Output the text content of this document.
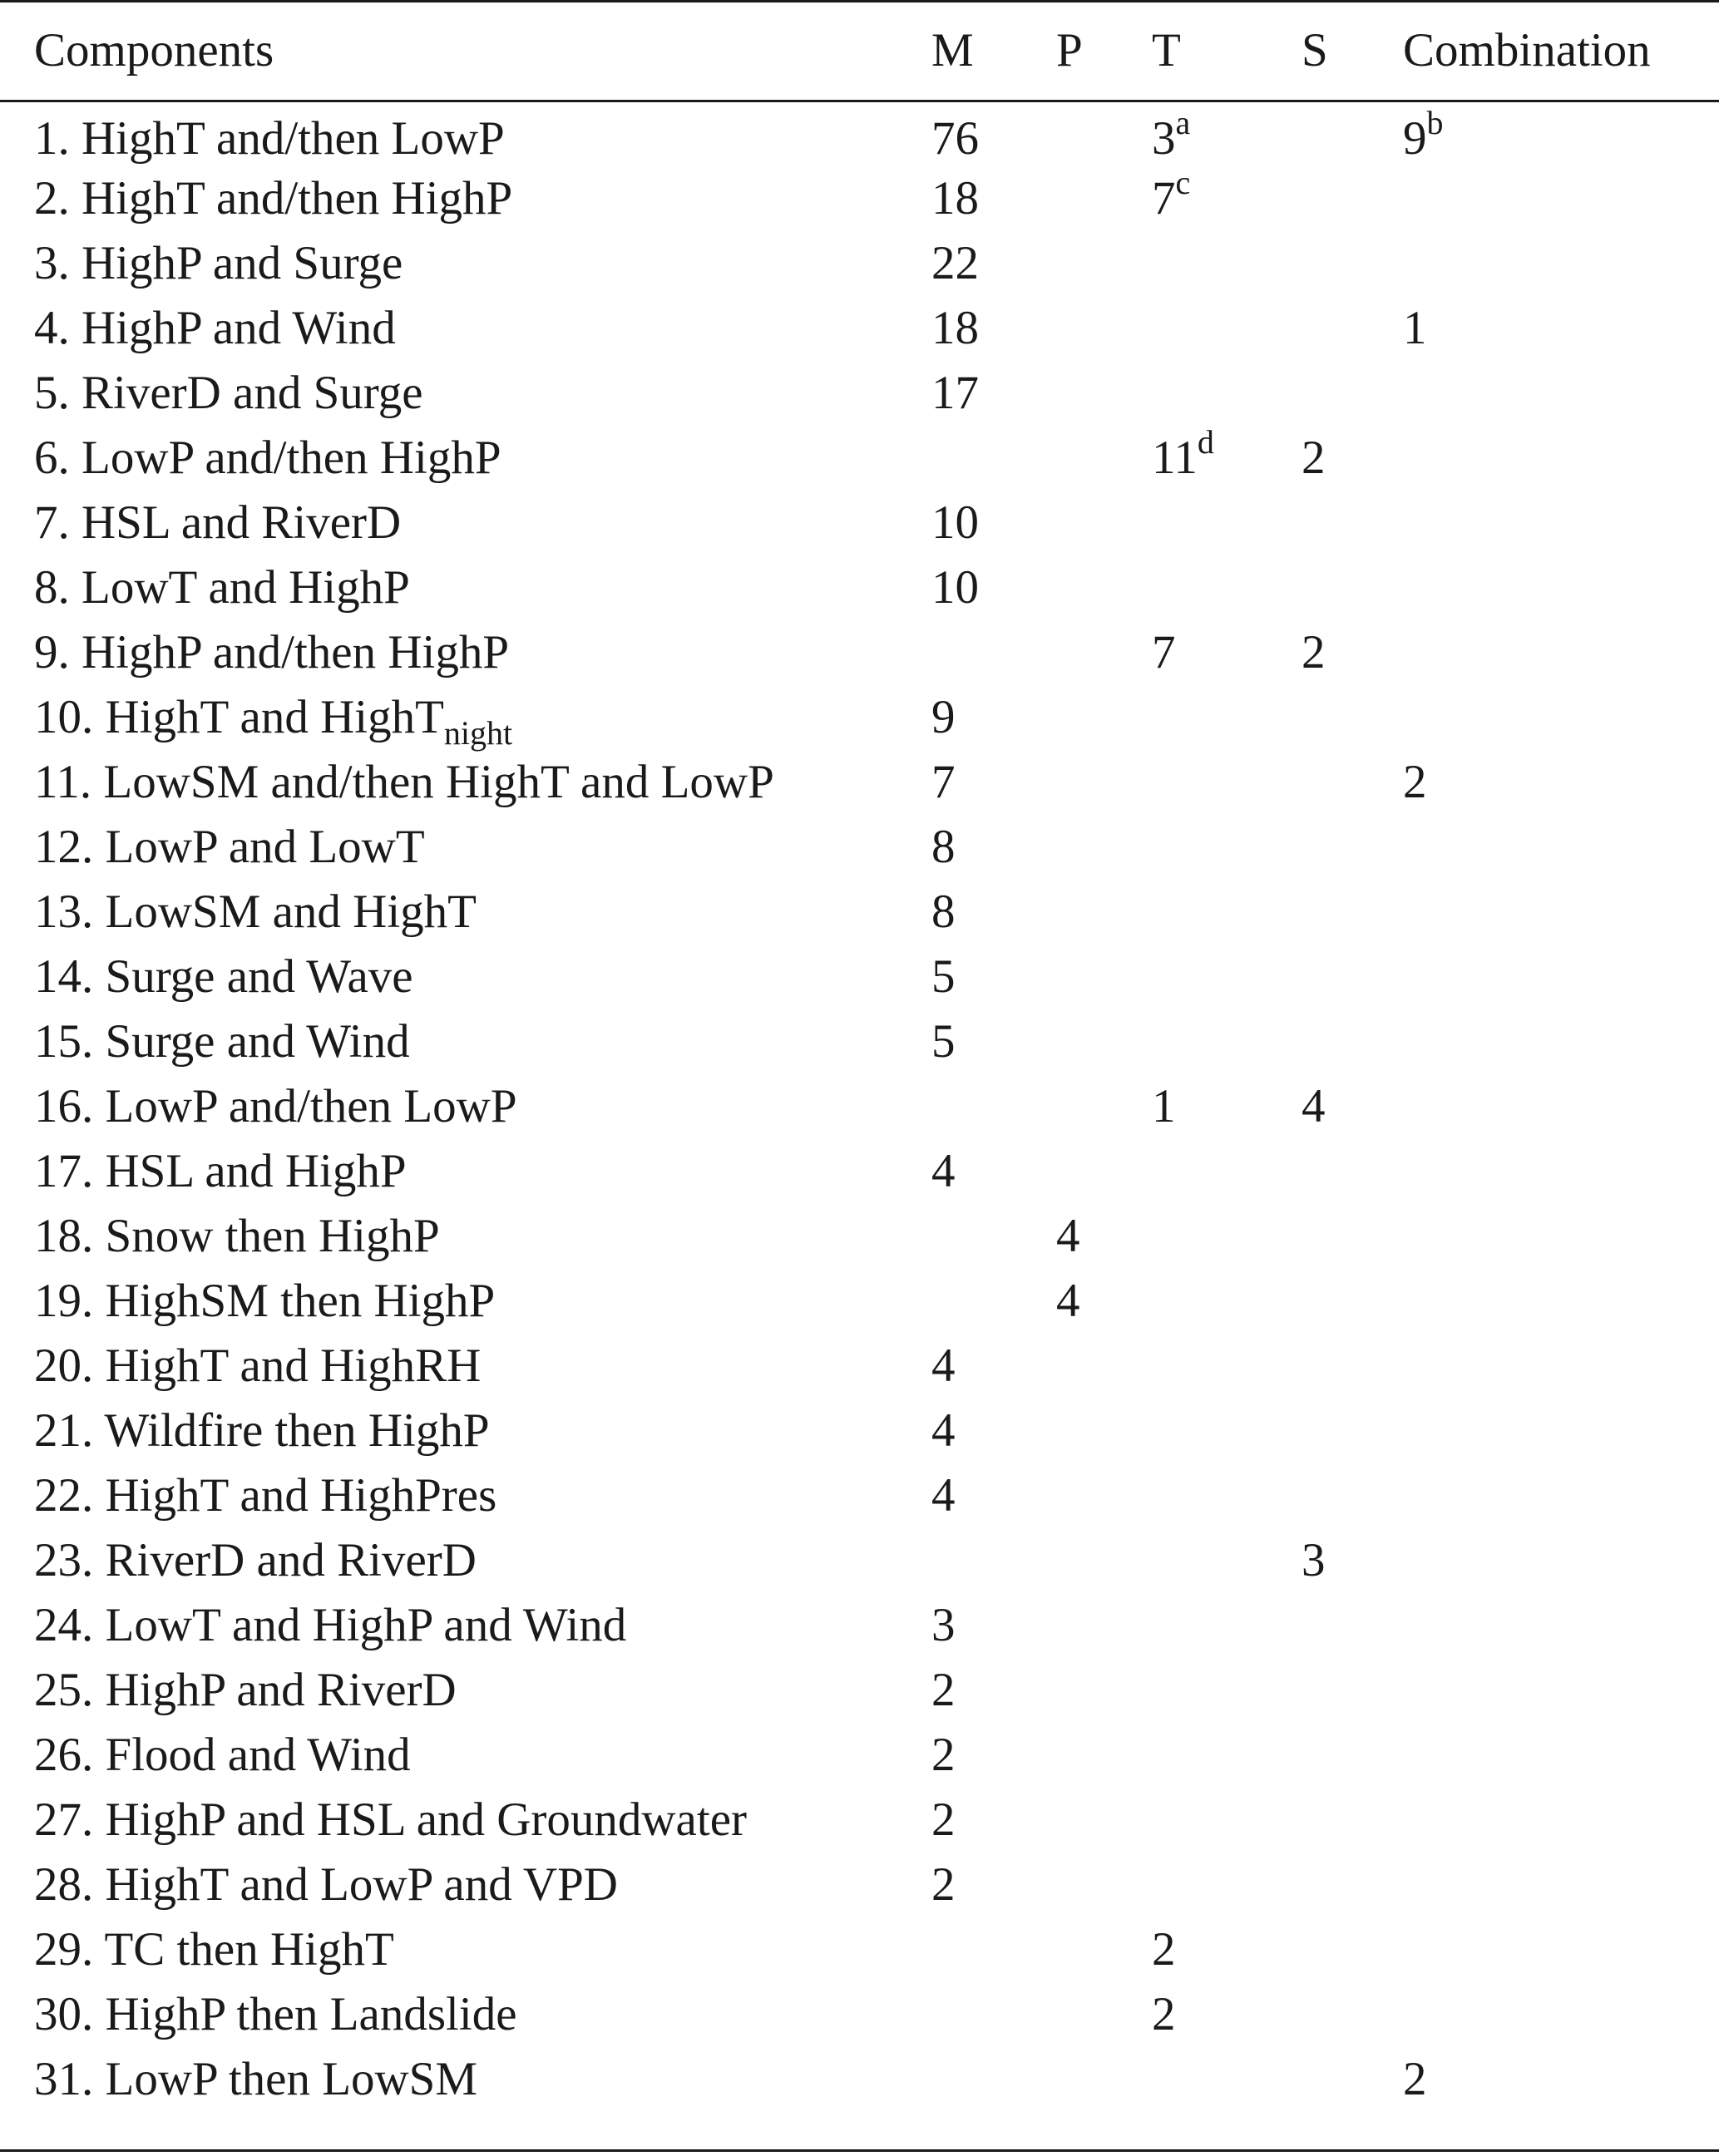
Components	M	P	T	S	Combination
1. HighT and/then LowP	76		3$^a$		9$^b$
2. HighT and/then HighP	18		7$^c$		
3. HighP and Surge	22				
4. HighP and Wind	18				1
5. RiverD and Surge	17				
6. LowP and/then HighP			11$^d$	2	
7. HSL and RiverD	10				
8. LowT and HighP	10				
9. HighP and/then HighP			7	2	
10. HighT and HighT$_{night}$	9				
11. LowSM and/then HighT and LowP	7				2
12. LowP and LowT	8				
13. LowSM and HighT	8				
14. Surge and Wave	5				
15. Surge and Wind	5				
16. LowP and/then LowP			1	4	
17. HSL and HighP	4				
18. Snow then HighP		4			
19. HighSM then HighP		4			
20. HighT and HighRH	4				
21. Wildfire then HighP	4				
22. HighT and HighPres	4				
23. RiverD and RiverD				3	
24. LowT and HighP and Wind	3				
25. HighP and RiverD	2				
26. Flood and Wind	2				
27. HighP and HSL and Groundwater	2				
28. HighT and LowP and VPD	2				
29. TC then HighT			2		
30. HighP then Landslide			2		
31. LowP then LowSM					2
